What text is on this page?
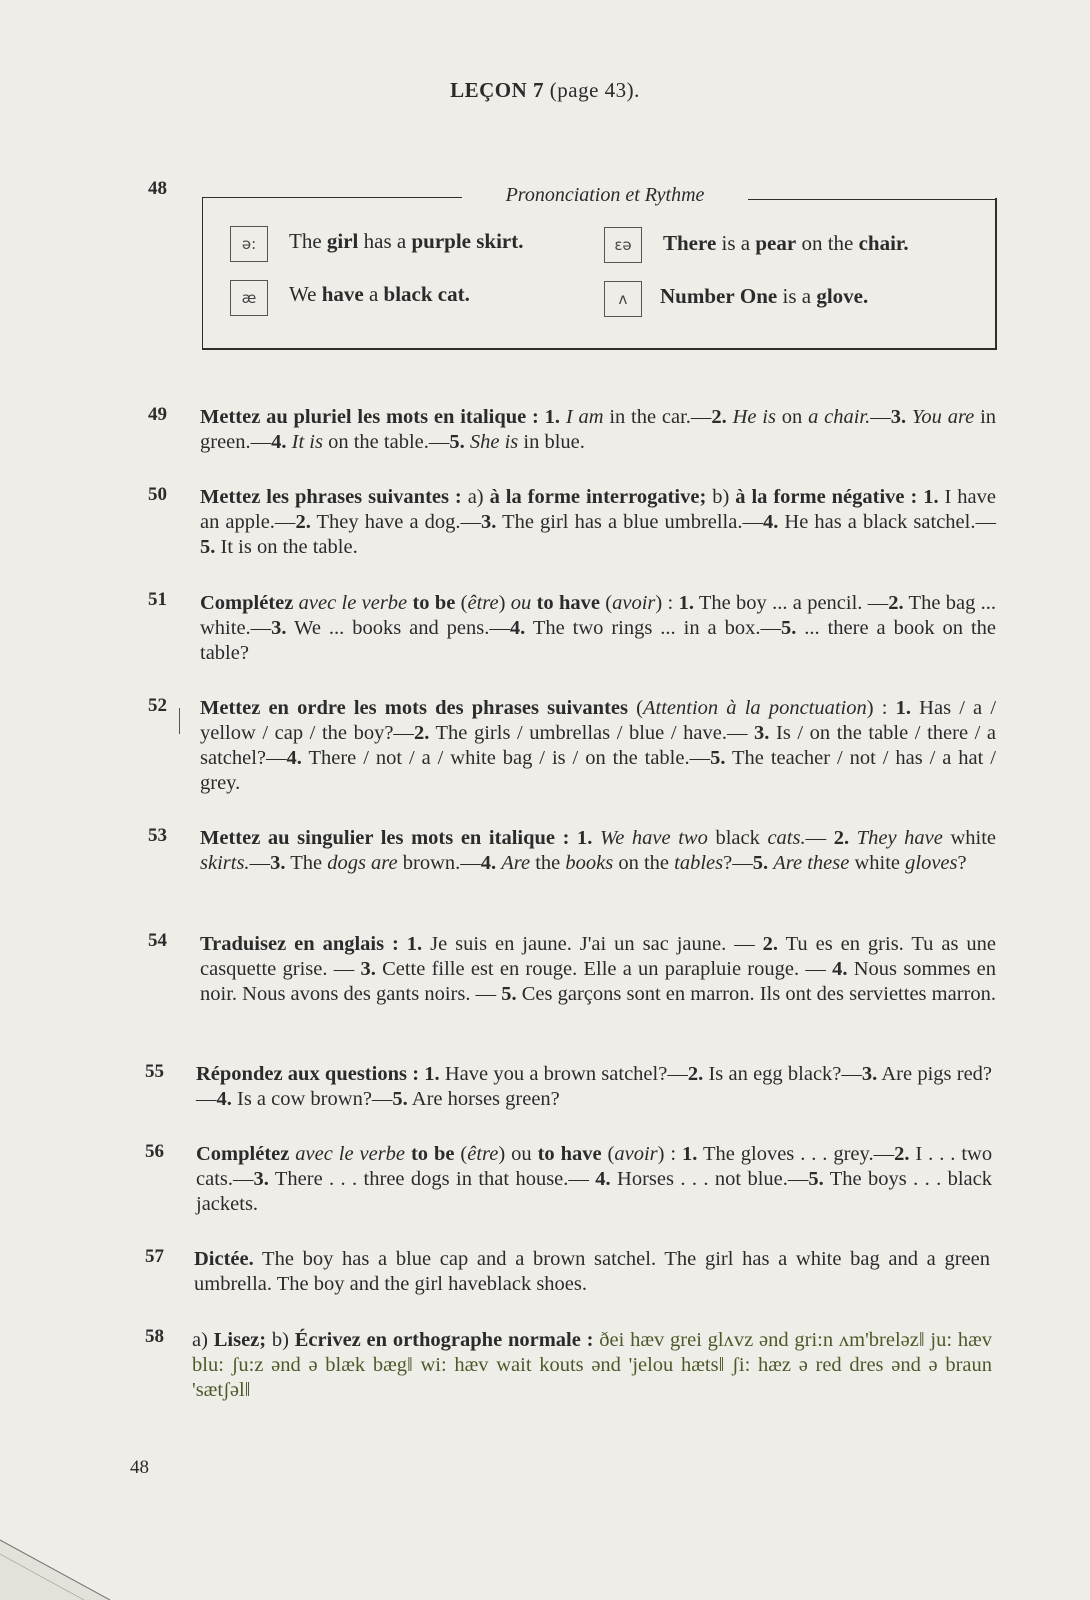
LEÇON 7 (page 43).
48	Prononciation et Rythme
ə:	The girl has a purple skirt.	εə	There is a pear on the chair.
æ	We have a black cat.	ʌ	Number One is a glove.
49 Mettez au pluriel les mots en italique : 1. I am in the car.—2. He is on a chair.—3. You are in green.—4. It is on the table.—5. She is in blue.
50 Mettez les phrases suivantes : a) à la forme interrogative; b) à la forme négative : 1. I have an apple.—2. They have a dog.—3. The girl has a blue umbrella.—4. He has a black satchel.—5. It is on the table.
51 Complétez avec le verbe to be (être) ou to have (avoir) : 1. The boy ... a pencil. —2. The bag ... white.—3. We ... books and pens.—4. The two rings ... in a box.—5. ... there a book on the table?
52 Mettez en ordre les mots des phrases suivantes (Attention à la ponctuation) : 1. Has / a / yellow / cap / the boy?—2. The girls / umbrellas / blue / have.— 3. Is / on the table / there / a satchel?—4. There / not / a / white bag / is / on the table.—5. The teacher / not / has / a hat / grey.
53 Mettez au singulier les mots en italique : 1. We have two black cats.— 2. They have white skirts.—3. The dogs are brown.—4. Are the books on the tables?—5. Are these white gloves?
54 Traduisez en anglais : 1. Je suis en jaune. J'ai un sac jaune. — 2. Tu es en gris. Tu as une casquette grise. — 3. Cette fille est en rouge. Elle a un parapluie rouge. — 4. Nous sommes en noir. Nous avons des gants noirs. — 5. Ces garçons sont en marron. Ils ont des serviettes marron.
55 Répondez aux questions : 1. Have you a brown satchel?—2. Is an egg black?—3. Are pigs red?—4. Is a cow brown?—5. Are horses green?
56 Complétez avec le verbe to be (être) ou to have (avoir) : 1. The gloves . . . grey.—2. I . . . two cats.—3. There . . . three dogs in that house.— 4. Horses . . . not blue.—5. The boys . . . black jackets.
57 Dictée. The boy has a blue cap and a brown satchel. The girl has a white bag and a green umbrella. The boy and the girl haveblack shoes.
58 a) Lisez; b) Écrivez en orthographe normale : ðei hæv grei glʌvz ənd gri:n ʌm'breləz‖ ju: hæv blu: ʃu:z ənd ə blæk bæg‖ wi: hæv wait kouts ənd 'jelou hæts‖ ʃi: hæz ə red dres ənd ə braun 'sætʃəl‖
48
